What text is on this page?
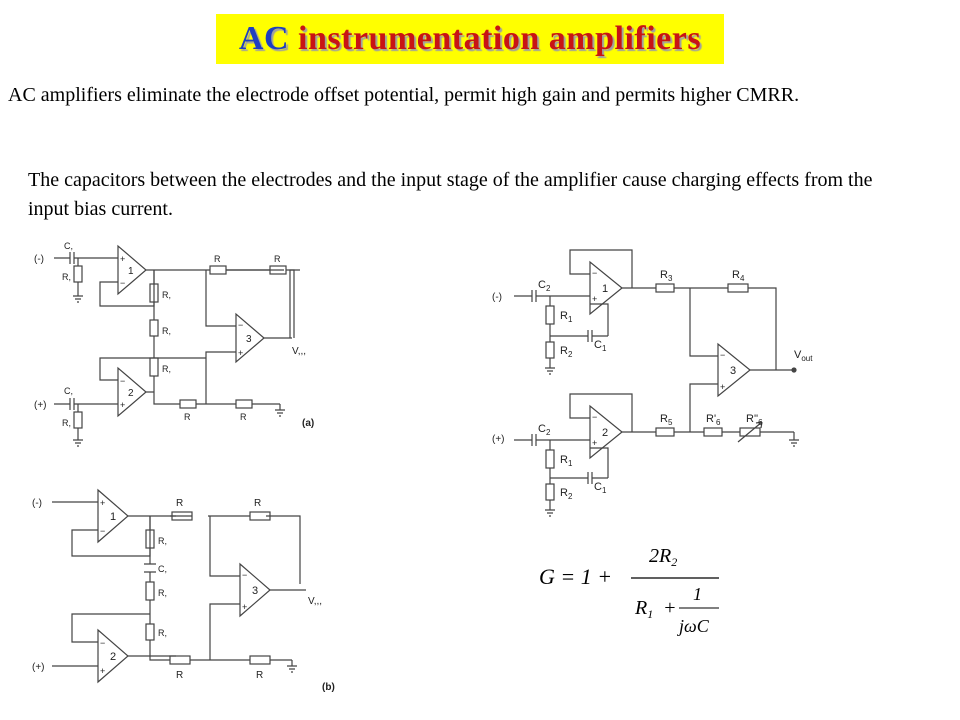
AC instrumentation amplifiers

AC amplifiers eliminate the electrode offset potential, permit high gain and permits higher CMRR.

The capacitors between the electrodes and the input stage of the amplifier cause charging effects from the input bias current.

(-)
(+)
C,
R,	1
+
−
R,
R,
R,
C,
R,
2
−
+
R	R
3
−
+	V,,,
R	R
(a)
(-)
(+)
1
+
−
R,
C,
R,
R,
2
−
+
R	R
3
−
+	V,,,
R	R
(b)
(-)
(+)
$C_2$
$R_1$
$R_2$
$C_1$
1
−
+
$C_2$
$R_1$
$R_2$
$C_1$
2
−
+
$R_3$	$R_4$
3
−
+
$V_{out}$
$R_5$	$R'_6$ $R''_6$
G = 1 +
$2R_2$
$R_1$ +
1
jωC
